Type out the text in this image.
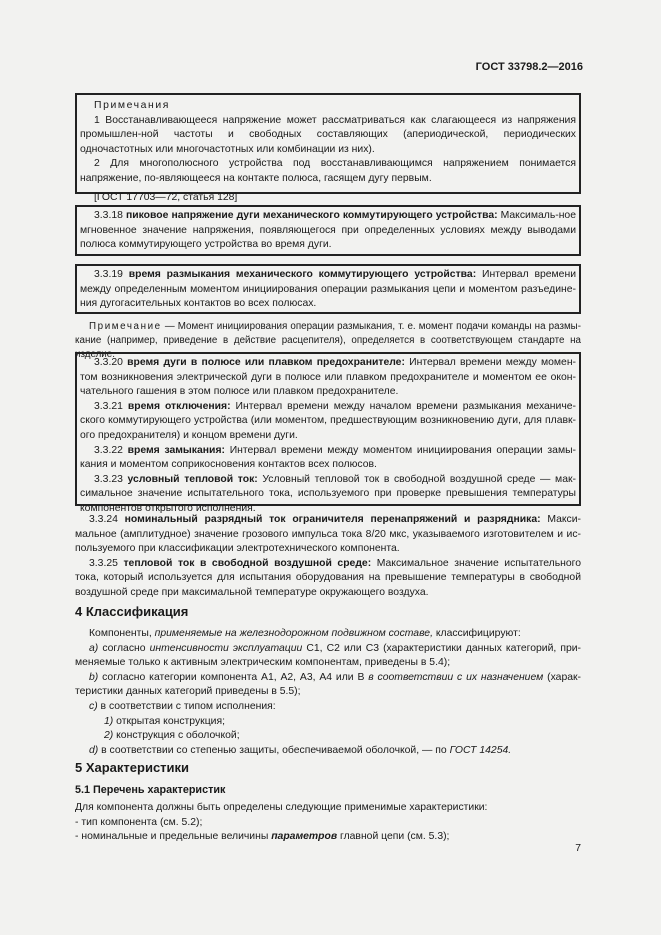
ГОСТ 33798.2—2016

Примечания

1 Восстанавливающееся напряжение может рассматриваться как слагающееся из напряжения промышлен-ной частоты и свободных составляющих (апериодической, периодических одночастотных или многочастотных или комбинации из них).

2 Для многополюсного устройства под восстанавливающимся напряжением понимается напряжение, по-являющееся на контакте полюса, гасящем дугу первым.

[ГОСТ 17703—72, статья 128]

3.3.18 пиковое напряжение дуги механического коммутирующего устройства: Максималь-ное мгновенное значение напряжения, появляющегося при определенных условиях между выводами полюса коммутирующего устройства во время дуги.

3.3.19 время размыкания механического коммутирующего устройства: Интервал времени между определенным моментом инициирования операции размыкания цепи и моментом разъедине-ния дугогасительных контактов во всех полюсах.

Примечание — Момент инициирования операции размыкания, т. е. момент подачи команды на размы-кание (например, приведение в действие расцепителя), определяется в соответствующем стандарте на изделие.

3.3.20 время дуги в полюсе или плавком предохранителе: Интервал времени между момен-том возникновения электрической дуги в полюсе или плавком предохранителе и моментом ее окон-чательного гашения в этом полюсе или плавком предохранителе.

3.3.21 время отключения: Интервал времени между началом времени размыкания механиче-ского коммутирующего устройства (или моментом, предшествующим возникновению дуги, для плавк-ого предохранителя) и концом времени дуги.

3.3.22 время замыкания: Интервал времени между моментом инициирования операции замы-кания и моментом соприкосновения контактов всех полюсов.

3.3.23 условный тепловой ток: Условный тепловой ток в свободной воздушной среде — мак-симальное значение испытательного тока, используемого при проверке превышения температуры компонентов открытого исполнения.

3.3.24 номинальный разрядный ток ограничителя перенапряжений и разрядника: Макси-мальное (амплитудное) значение грозового импульса тока 8/20 мкс, указываемого изготовителем и ис-пользуемого при классификации электротехнического компонента.

3.3.25 тепловой ток в свободной воздушной среде: Максимальное значение испытательного тока, который используется для испытания оборудования на превышение температуры в свободной воздушной среде при максимальной температуре окружающего воздуха.

4 Классификация

Компоненты, применяемые на железнодорожном подвижном составе, классифицируют:

а) согласно интенсивности эксплуатации С1, С2 или С3 (характеристики данных категорий, при-меняемые только к активным электрическим компонентам, приведены в 5.4);

b) согласно категории компонента А1, А2, А3, А4 или В в соответствии с их назначением (харак-теристики данных категорий приведены в 5.5);

с) в соответствии с типом исполнения:

1) открытая конструкция;

2) конструкция с оболочкой;

d) в соответствии со степенью защиты, обеспечиваемой оболочкой, — по ГОСТ 14254.

5 Характеристики
5.1 Перечень характеристик

Для компонента должны быть определены следующие применимые характеристики:

- тип компонента (см. 5.2);

- номинальные и предельные величины параметров главной цепи (см. 5.3);

7
